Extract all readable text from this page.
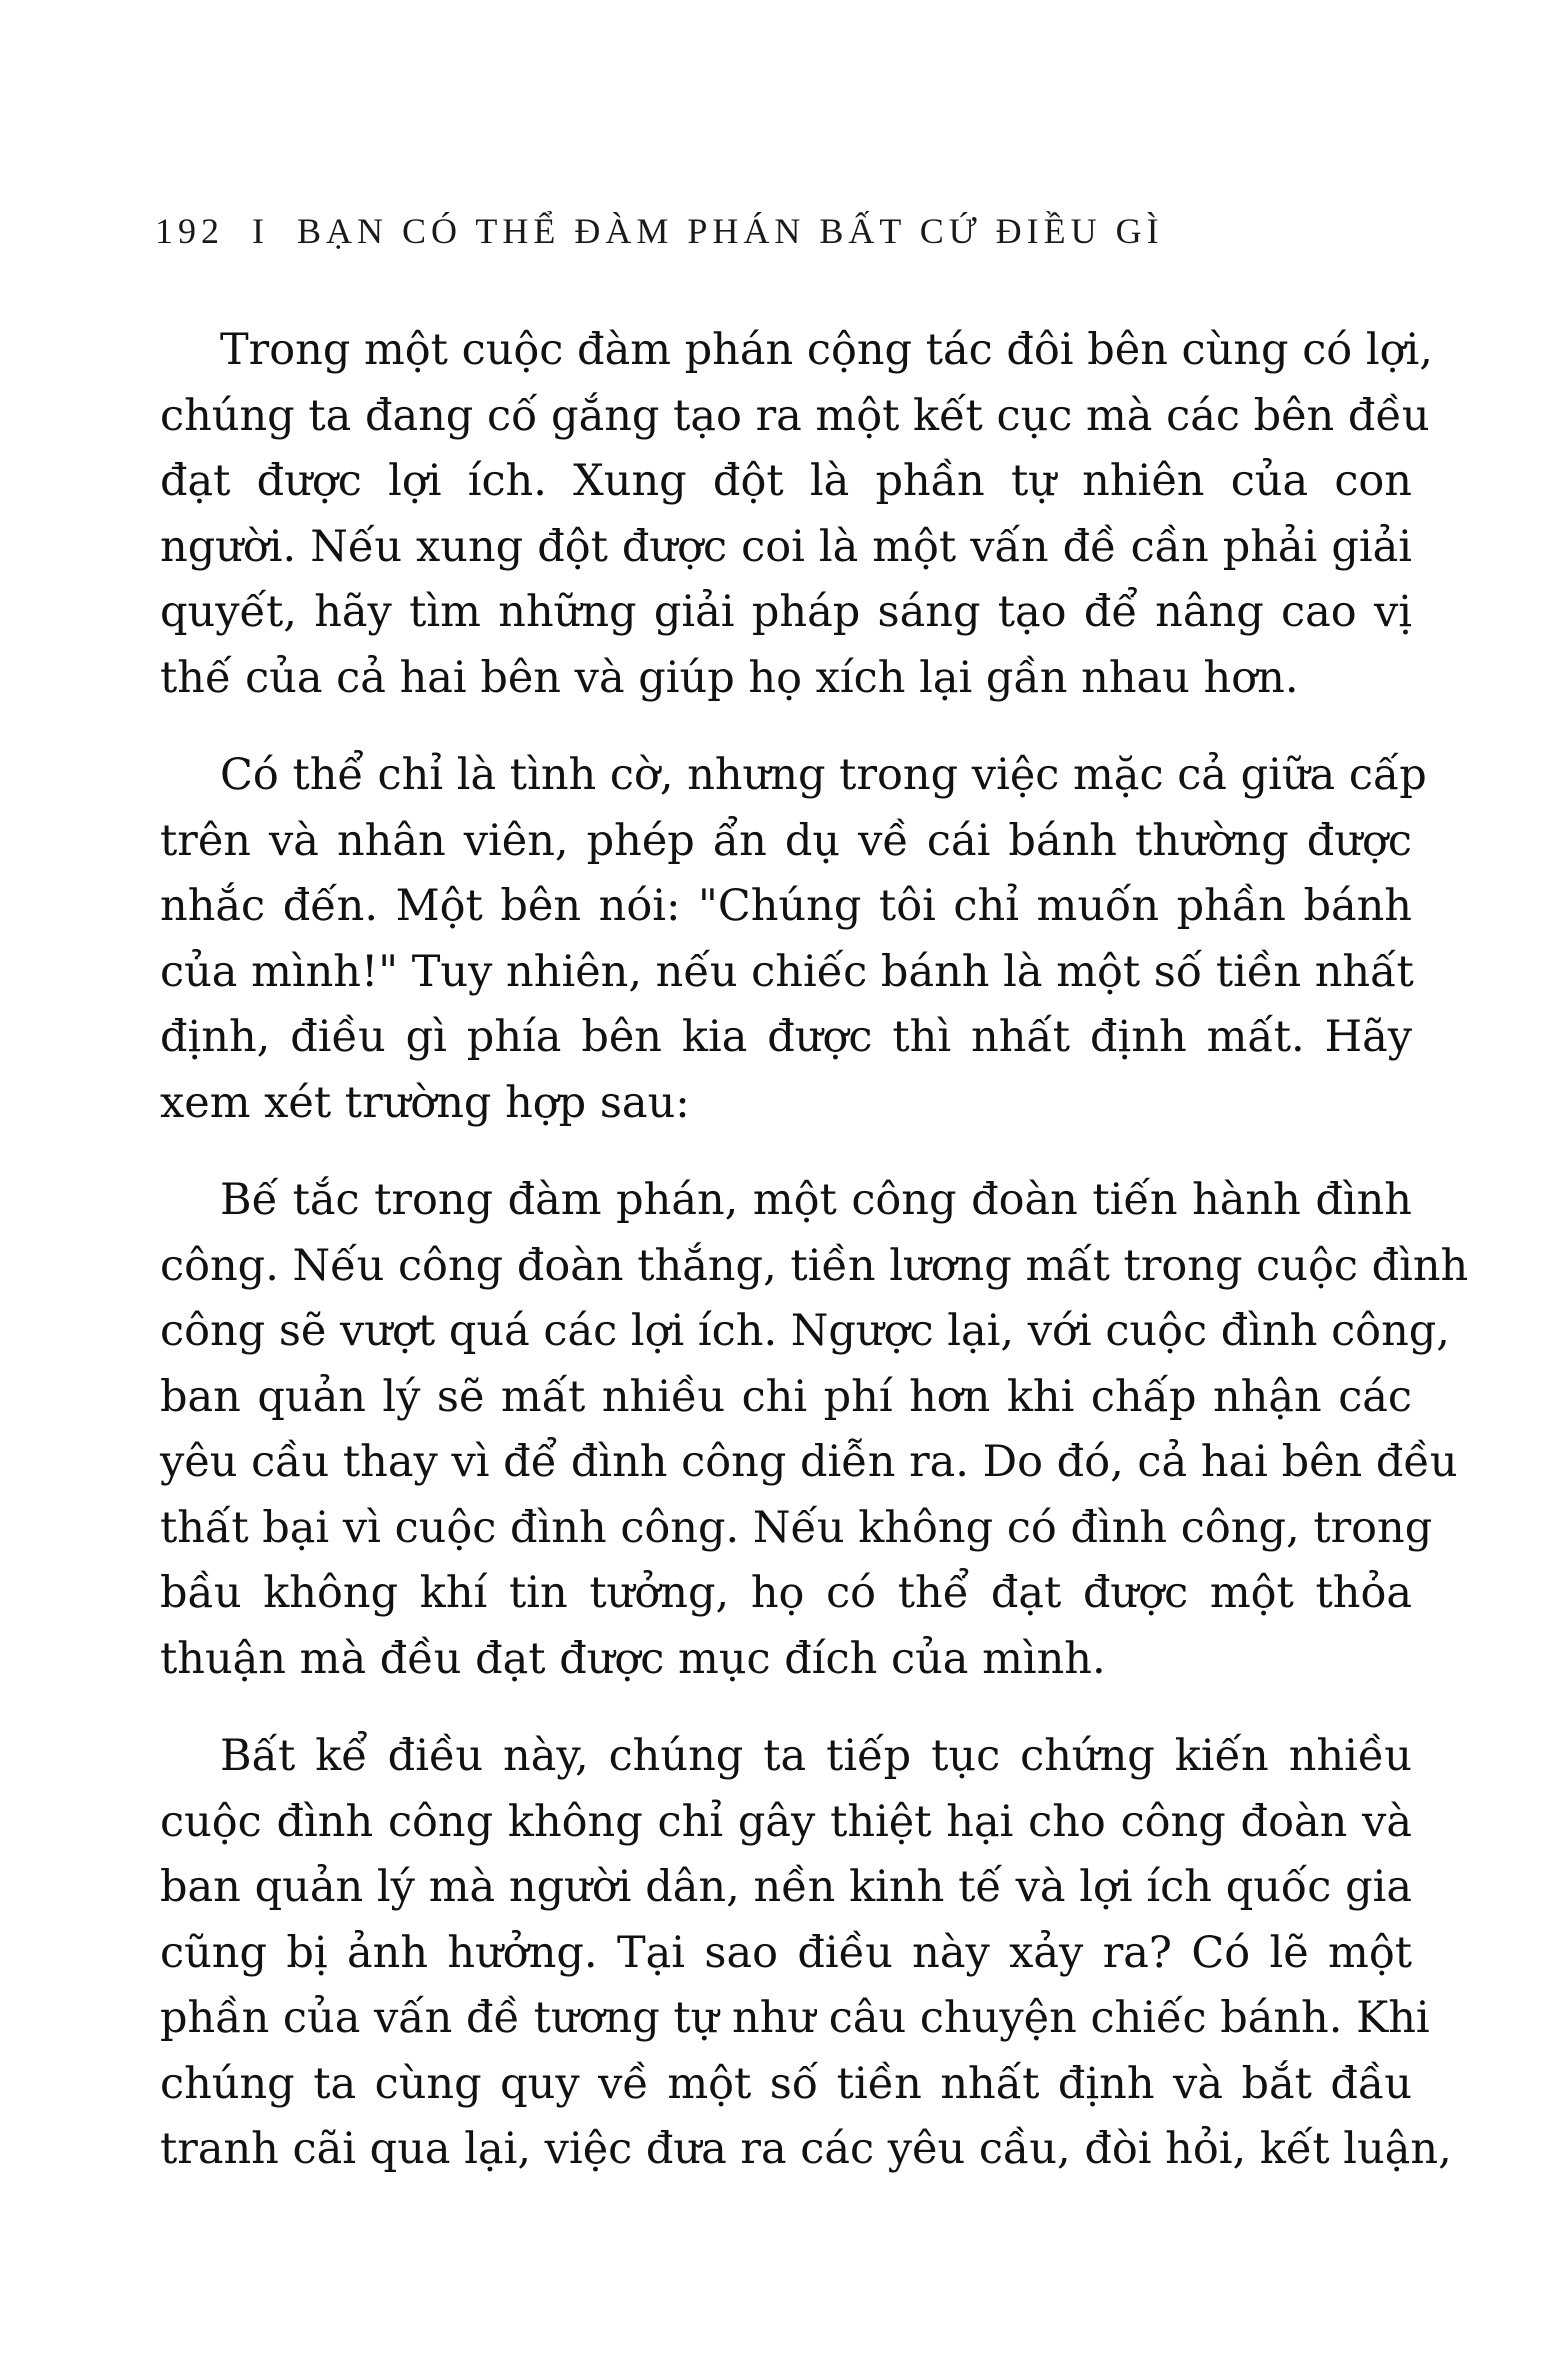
192 I BẠN CÓ THỂ ĐÀM PHÁN BẤT CỨ ĐIỀU GÌ
Trong một cuộc đàm phán cộng tác đôi bên cùng có lợi,
chúng ta đang cố gắng tạo ra một kết cục mà các bên đều
đạt được lợi ích. Xung đột là phần tự nhiên của con
người. Nếu xung đột được coi là một vấn đề cần phải giải
quyết, hãy tìm những giải pháp sáng tạo để nâng cao vị
thế của cả hai bên và giúp họ xích lại gần nhau hơn.
Có thể chỉ là tình cờ, nhưng trong việc mặc cả giữa cấp
trên và nhân viên, phép ẩn dụ về cái bánh thường được
nhắc đến. Một bên nói: "Chúng tôi chỉ muốn phần bánh
của mình!" Tuy nhiên, nếu chiếc bánh là một số tiền nhất
định, điều gì phía bên kia được thì nhất định mất. Hãy
xem xét trường hợp sau:
Bế tắc trong đàm phán, một công đoàn tiến hành đình
công. Nếu công đoàn thắng, tiền lương mất trong cuộc đình
công sẽ vượt quá các lợi ích. Ngược lại, với cuộc đình công,
ban quản lý sẽ mất nhiều chi phí hơn khi chấp nhận các
yêu cầu thay vì để đình công diễn ra. Do đó, cả hai bên đều
thất bại vì cuộc đình công. Nếu không có đình công, trong
bầu không khí tin tưởng, họ có thể đạt được một thỏa
thuận mà đều đạt được mục đích của mình.
Bất kể điều này, chúng ta tiếp tục chứng kiến nhiều
cuộc đình công không chỉ gây thiệt hại cho công đoàn và
ban quản lý mà người dân, nền kinh tế và lợi ích quốc gia
cũng bị ảnh hưởng. Tại sao điều này xảy ra? Có lẽ một
phần của vấn đề tương tự như câu chuyện chiếc bánh. Khi
chúng ta cùng quy về một số tiền nhất định và bắt đầu
tranh cãi qua lại, việc đưa ra các yêu cầu, đòi hỏi, kết luận,
